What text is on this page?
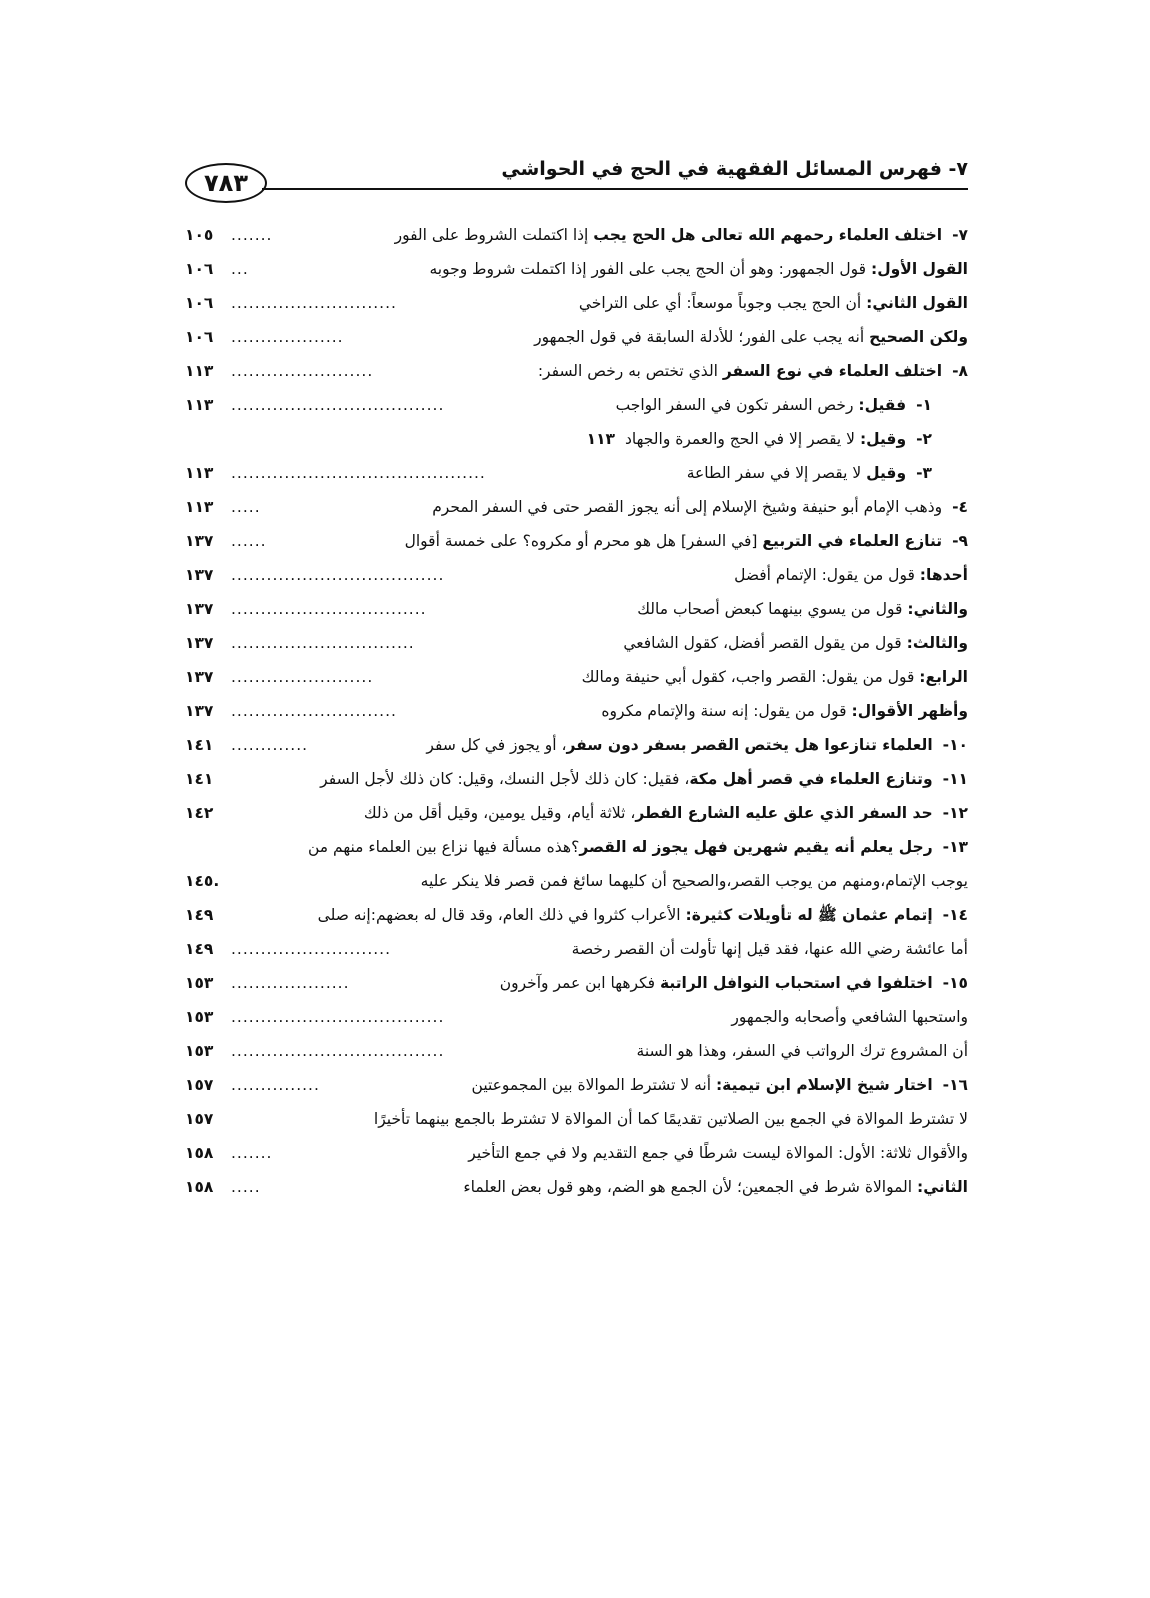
٧- فهرس المسائل الفقهية في الحج في الحواشي
٧٨٣
٧-اختلف العلماء رحمهم الله تعالى هل الحج يجب إذا اكتملت الشروط على الفور
.......
١٠٥
القول الأول: قول الجمهور: وهو أن الحج يجب على الفور إذا اكتملت شروط وجوبه
...
١٠٦
القول الثاني: أن الحج يجب وجوباً موسعاً: أي على التراخي
............................
١٠٦
ولكن الصحيح أنه يجب على الفور؛ للأدلة السابقة في قول الجمهور
...................
١٠٦
٨-اختلف العلماء في نوع السفر الذي تختص به رخص السفر:
........................
١١٣
١-فقيل: رخص السفر تكون في السفر الواجب
....................................
١١٣
٢-وقيل: لا يقصر إلا في الحج والعمرة والجهاد١١٣
٣-وقيل لا يقصر إلا في سفر الطاعة
...........................................
١١٣
٤-وذهب الإمام أبو حنيفة وشيخ الإسلام إلى أنه يجوز القصر حتى في السفر المحرم
.....
١١٣
٩-تنازع العلماء في التربيع [في السفر] هل هو محرم أو مكروه؟ على خمسة أقوال
......
١٣٧
أحدها: قول من يقول: الإتمام أفضل
....................................
١٣٧
والثاني: قول من يسوي بينهما كبعض أصحاب مالك
.................................
١٣٧
والثالث: قول من يقول القصر أفضل، كقول الشافعي
...............................
١٣٧
الرابع: قول من يقول: القصر واجب، كقول أبي حنيفة ومالك
........................
١٣٧
وأظهر الأقوال: قول من يقول: إنه سنة والإتمام مكروه
............................
١٣٧
١٠-العلماء تنازعوا هل يختص القصر بسفر دون سفر، أو يجوز في كل سفر
.............
١٤١
١١-وتنازع العلماء في قصر أهل مكة، فقيل: كان ذلك لأجل النسك، وقيل: كان ذلك لأجل السفر
١٤١
١٢-حد السفر الذي علق عليه الشارع الفطر، ثلاثة أيام، وقيل يومين، وقيل أقل من ذلك
١٤٢
١٣-رجل يعلم أنه يقيم شهرين فهل يجوز له القصر؟هذه مسألة فيها نزاع بين العلماء منهم من
يوجب الإتمام،ومنهم من يوجب القصر،والصحيح أن كليهما سائغ فمن قصر فلا ينكر عليه
١٤٥.
١٤-إتمام عثمان ﷺ له تأويلات كثيرة: الأعراب كثروا في ذلك العام، وقد قال له بعضهم:إنه صلى
١٤٩
أما عائشة رضي الله عنها، فقد قيل إنها تأولت أن القصر رخصة
...........................
١٤٩
١٥-اختلفوا في استحباب النوافل الراتبة فكرهها ابن عمر وآخرون
....................
١٥٣
واستحبها الشافعي وأصحابه والجمهور
....................................
١٥٣
أن المشروع ترك الرواتب في السفر، وهذا هو السنة
....................................
١٥٣
١٦-اختار شيخ الإسلام ابن تيمية: أنه لا تشترط الموالاة بين المجموعتين
...............
١٥٧
لا تشترط الموالاة في الجمع بين الصلاتين تقديمًا كما أن الموالاة لا تشترط بالجمع بينهما تأخيرًا
١٥٧
والأقوال ثلاثة: الأول: الموالاة ليست شرطًا في جمع التقديم ولا في جمع التأخير
.......
١٥٨
الثاني: الموالاة شرط في الجمعين؛ لأن الجمع هو الضم، وهو قول بعض العلماء
.....
١٥٨
